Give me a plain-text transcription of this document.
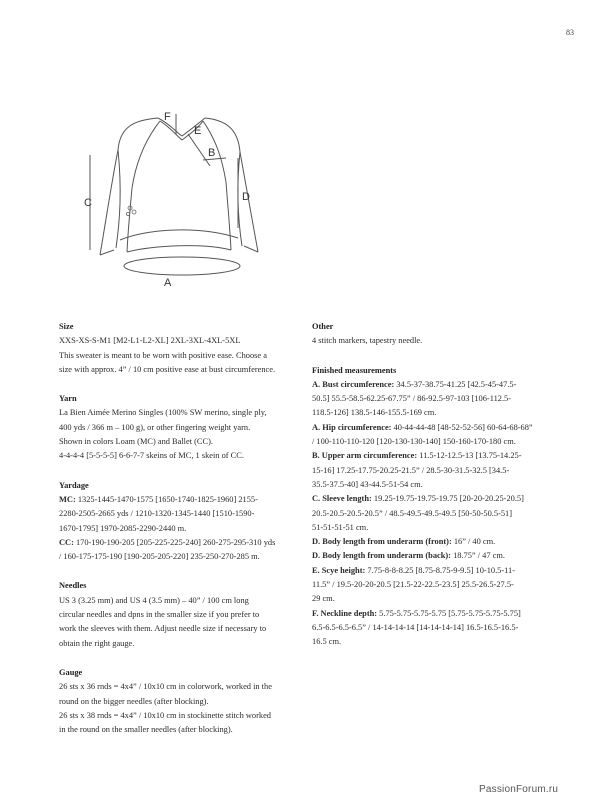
83
F
E
B
C	D
A
Size
XXS-XS-S-M1 [M2-L1-L2-XL] 2XL-3XL-4XL-5XL
This sweater is meant to be worn with positive ease. Choose a
size with approx. 4” / 10 cm positive ease at bust circumference.
Yarn
La Bien Aimée Merino Singles (100% SW merino, single ply,
400 yds / 366 m – 100 g), or other fingering weight yarn.
Shown in colors Loam (MC) and Ballet (CC).
4-4-4-4 [5-5-5-5] 6-6-7-7 skeins of MC, 1 skein of CC.
Yardage
MC: 1325-1445-1470-1575 [1650-1740-1825-1960] 2155-
2280-2505-2665 yds / 1210-1320-1345-1440 [1510-1590-
1670-1795] 1970-2085-2290-2440 m.
CC: 170-190-190-205 [205-225-225-240] 260-275-295-310 yds
/ 160-175-175-190 [190-205-205-220] 235-250-270-285 m.
Needles
US 3 (3.25 mm) and US 4 (3.5 mm) – 40” / 100 cm long
circular needles and dpns in the smaller size if you prefer to
work the sleeves with them. Adjust needle size if necessary to
obtain the right gauge.
Gauge
26 sts x 36 rnds = 4x4” / 10x10 cm in colorwork, worked in the
round on the bigger needles (after blocking).
26 sts x 38 rnds = 4x4” / 10x10 cm in stockinette stitch worked
in the round on the smaller needles (after blocking).
Other
4 stitch markers, tapestry needle.
Finished measurements
A. Bust circumference: 34.5-37-38.75-41.25 [42.5-45-47.5-
50.5] 55.5-58.5-62.25-67.75” / 86-92.5-97-103 [106-112.5-
118.5-126] 138.5-146-155.5-169 cm.
A. Hip circumference: 40-44-44-48 [48-52-52-56] 60-64-68-68”
/ 100-110-110-120 [120-130-130-140] 150-160-170-180 cm.
B. Upper arm circumference: 11.5-12-12.5-13 [13.75-14.25-
15-16] 17.25-17.75-20.25-21.5” / 28.5-30-31.5-32.5 [34.5-
35.5-37.5-40] 43-44.5-51-54 cm.
C. Sleeve length: 19.25-19.75-19.75-19.75 [20-20-20.25-20.5]
20.5-20.5-20.5-20.5” / 48.5-49.5-49.5-49.5 [50-50-50.5-51]
51-51-51-51 cm.
D. Body length from underarm (front): 16” / 40 cm.
D. Body length from underarm (back): 18.75” / 47 cm.
E. Scye height: 7.75-8-8-8.25 [8.75-8.75-9-9.5] 10-10.5-11-
11.5” / 19.5-20-20-20.5 [21.5-22-22.5-23.5] 25.5-26.5-27.5-
29 cm.
F. Neckline depth: 5.75-5.75-5.75-5.75 [5.75-5.75-5.75-5.75]
6.5-6.5-6.5-6.5” / 14-14-14-14 [14-14-14-14] 16.5-16.5-16.5-
16.5 cm.
PassionForum.ru
